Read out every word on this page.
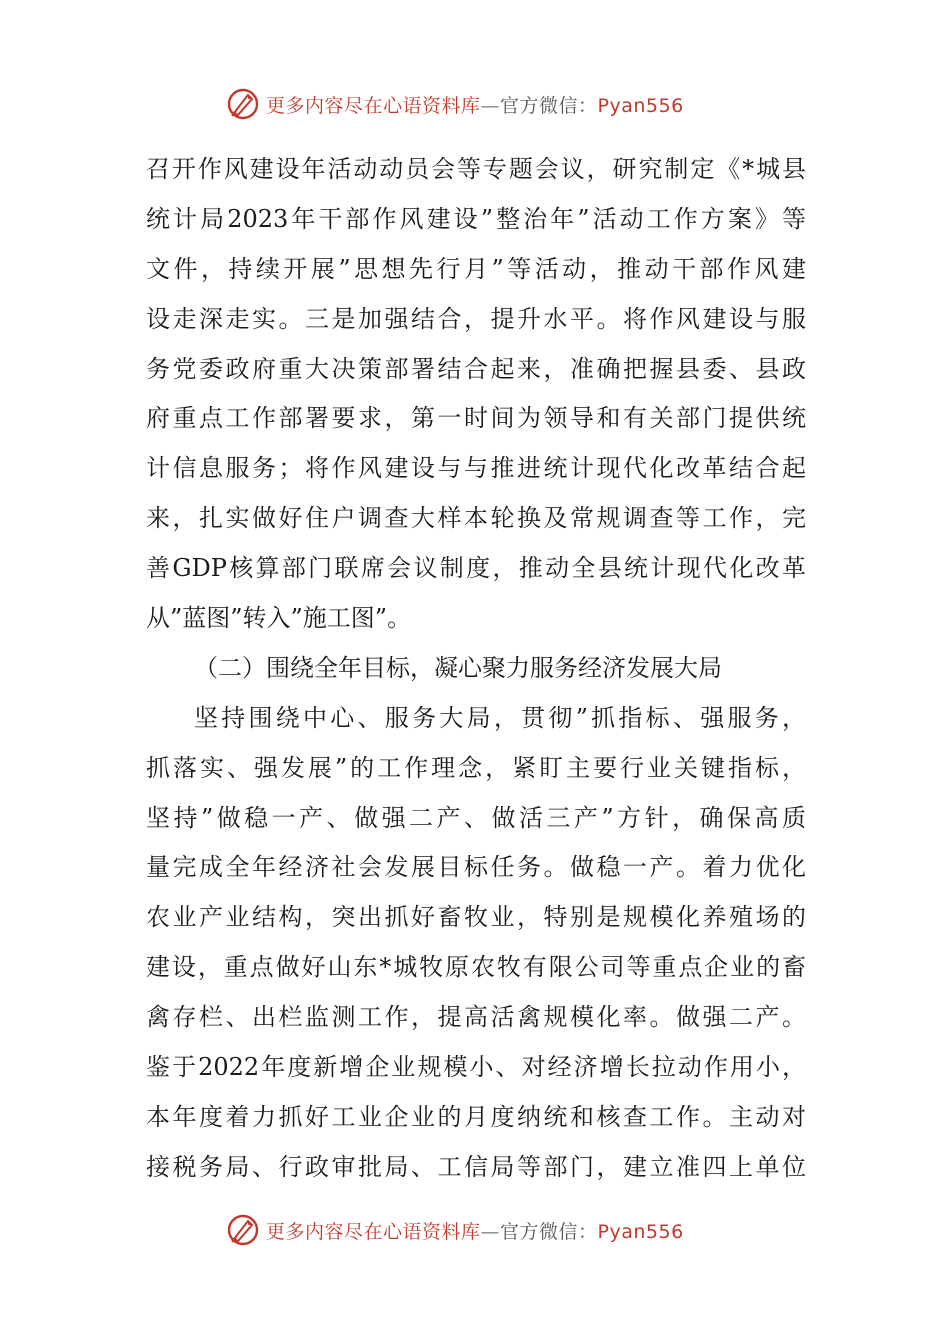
更多内容尽在心语资料库—官方微信：Pyan556
召开作风建设年活动动员会等专题会议，研究制定《*城县
统计局2023年干部作风建设”整治年”活动工作方案》等
文件，持续开展”思想先行月”等活动，推动干部作风建
设走深走实。三是加强结合，提升水平。将作风建设与服
务党委政府重大决策部署结合起来，准确把握县委、县政
府重点工作部署要求，第一时间为领导和有关部门提供统
计信息服务；将作风建设与与推进统计现代化改革结合起
来，扎实做好住户调查大样本轮换及常规调查等工作，完
善GDP核算部门联席会议制度，推动全县统计现代化改革
从”蓝图”转入”施工图”。
（二）围绕全年目标，凝心聚力服务经济发展大局
坚持围绕中心、服务大局，贯彻”抓指标、强服务，
抓落实、强发展”的工作理念，紧盯主要行业关键指标，
坚持”做稳一产、做强二产、做活三产”方针，确保高质
量完成全年经济社会发展目标任务。做稳一产。着力优化
农业产业结构，突出抓好畜牧业，特别是规模化养殖场的
建设，重点做好山东*城牧原农牧有限公司等重点企业的畜
禽存栏、出栏监测工作，提高活禽规模化率。做强二产。
鉴于2022年度新增企业规模小、对经济增长拉动作用小，
本年度着力抓好工业企业的月度纳统和核查工作。主动对
接税务局、行政审批局、工信局等部门，建立准四上单位
更多内容尽在心语资料库—官方微信：Pyan556
